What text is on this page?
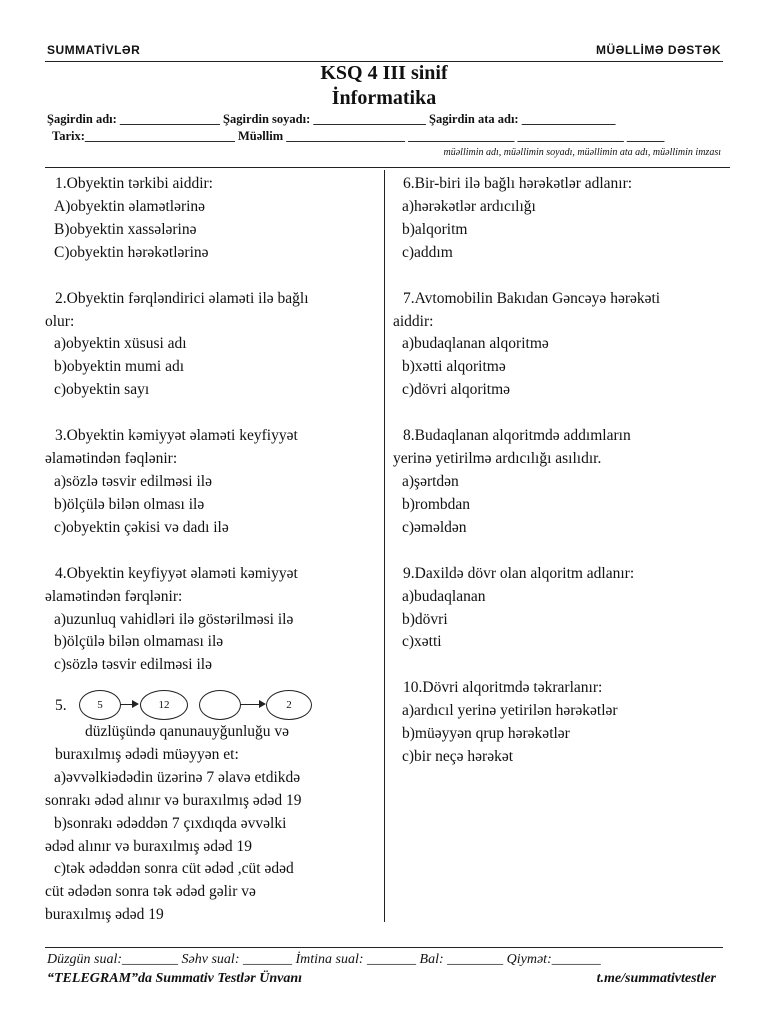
SUMMATİVLƏR	MÜƏLLİMƏ DƏSTƏK
KSQ 4 III sinif
İnformatika
Şagirdin adı: ________________ Şagirdin soyadı: __________________ Şagirdin ata adı: _______________
Tarix:________________________ Müəllim ___________________ _________________ _________________ ______
müəllimin adı, müəllimin soyadı, müəllimin ata adı, müəllimin imzası
1.Obyektin tərkibi aiddir:
A)obyektin əlamətlərinə
B)obyektin xassələrinə
C)obyektin hərəkətlərinə
2.Obyektin fərqləndirici əlaməti ilə bağlı
olur:
a)obyektin xüsusi adı
b)obyektin mumi adı
c)obyektin sayı
3.Obyektin kəmiyyət əlaməti keyfiyyət
əlamətindən fəqlənir:
a)sözlə təsvir edilməsi ilə
b)ölçülə bilən olması ilə
c)obyektin çəkisi və dadı ilə
4.Obyektin keyfiyyət əlaməti kəmiyyət
əlamətindən fərqlənir:
a)uzunluq vahidləri ilə göstərilməsi ilə
b)ölçülə bilən olmaması ilə
c)sözlə təsvir edilməsi ilə
5.	5	12	2
düzlüşündə qanunauyğunluğu və
buraxılmış ədədi müəyyən et:
a)əvvəlkiədədin üzərinə 7 əlavə etdikdə
sonrakı ədəd alınır və buraxılmış ədəd 19
b)sonrakı ədəddən 7 çıxdıqda əvvəlki
ədəd alınır və buraxılmış ədəd 19
c)tək ədəddən sonra cüt ədəd ,cüt ədəd
cüt ədədən sonra tək ədəd gəlir və
buraxılmış ədəd 19
6.Bir-biri ilə bağlı hərəkətlər adlanır:
a)hərəkətlər ardıcılığı
b)alqoritm
c)addım
7.Avtomobilin Bakıdan Gəncəyə hərəkəti
aiddir:
a)budaqlanan alqoritmə
b)xətti alqoritmə
c)dövri alqoritmə
8.Budaqlanan alqoritmdə addımların
yerinə yetirilmə ardıcılığı asılıdır.
a)şərtdən
b)rombdan
c)əməldən
9.Daxildə dövr olan alqoritm adlanır:
a)budaqlanan
b)dövri
c)xətti
10.Dövri alqoritmdə təkrarlanır:
a)ardıcıl yerinə yetirilən hərəkətlər
b)müəyyən qrup hərəkətlər
c)bir neçə hərəkət
Düzgün sual:________ Səhv sual: _______ İmtina sual: _______ Bal: ________ Qiymət:_______
“TELEGRAM”da Summativ Testlər Ünvanı	t.me/summativtestler
